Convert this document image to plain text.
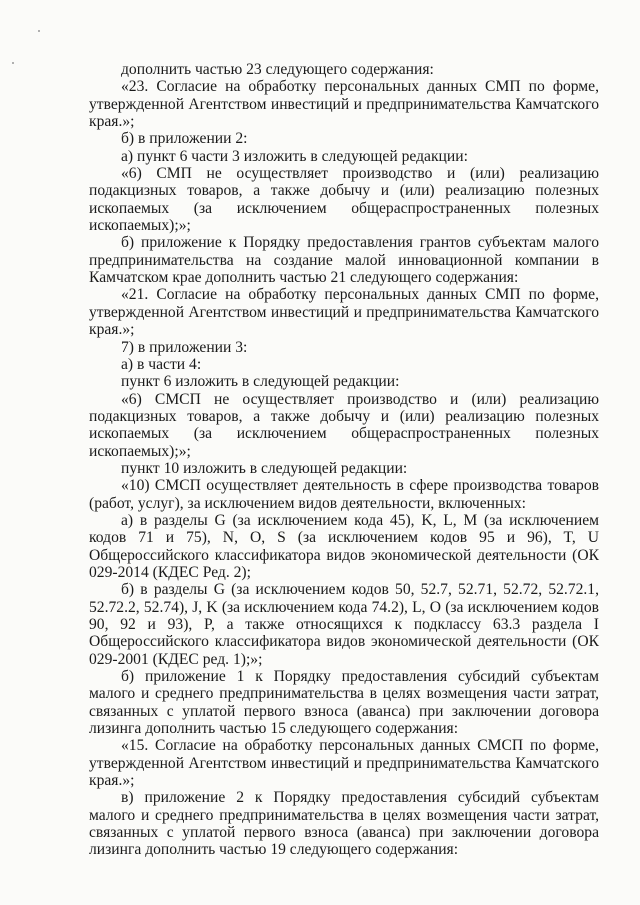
дополнить частью 23 следующего содержания:

«23. Согласие на обработку персональных данных СМП по форме, утвержденной Агентством инвестиций и предпринимательства Камчатского края.»;

б) в приложении 2:

а) пункт 6 части 3 изложить в следующей редакции:

«6) СМП не осуществляет производство и (или) реализацию подакцизных товаров, а также добычу и (или) реализацию полезных ископаемых (за исключением общераспространенных полезных ископаемых);»;

б) приложение к Порядку предоставления грантов субъектам малого предпринимательства на создание малой инновационной компании в Камчатском крае дополнить частью 21 следующего содержания:

«21. Согласие на обработку персональных данных СМП по форме, утвержденной Агентством инвестиций и предпринимательства Камчатского края.»;

7) в приложении 3:

а) в части 4:

пункт 6 изложить в следующей редакции:

«6) СМСП не осуществляет производство и (или) реализацию подакцизных товаров, а также добычу и (или) реализацию полезных ископаемых (за исключением общераспространенных полезных ископаемых);»;

пункт 10 изложить в следующей редакции:

«10) СМСП осуществляет деятельность в сфере производства товаров (работ, услуг), за исключением видов деятельности, включенных:

а) в разделы G (за исключением кода 45), K, L, M (за исключением кодов 71 и 75), N, O, S (за исключением кодов 95 и 96), T, U Общероссийского классификатора видов экономической деятельности (ОК 029-2014 (КДЕС Ред. 2);

б) в разделы G (за исключением кодов 50, 52.7, 52.71, 52.72, 52.72.1, 52.72.2, 52.74), J, K (за исключением кода 74.2), L, O (за исключением кодов 90, 92 и 93), P, а также относящихся к подклассу 63.3 раздела I Общероссийского классификатора видов экономической деятельности (ОК 029-2001 (КДЕС ред. 1);»;

б) приложение 1 к Порядку предоставления субсидий субъектам малого и среднего предпринимательства в целях возмещения части затрат, связанных с уплатой первого взноса (аванса) при заключении договора лизинга дополнить частью 15 следующего содержания:

«15. Согласие на обработку персональных данных СМСП по форме, утвержденной Агентством инвестиций и предпринимательства Камчатского края.»;

в) приложение 2 к Порядку предоставления субсидий субъектам малого и среднего предпринимательства в целях возмещения части затрат, связанных с уплатой первого взноса (аванса) при заключении договора лизинга дополнить частью 19 следующего содержания:
